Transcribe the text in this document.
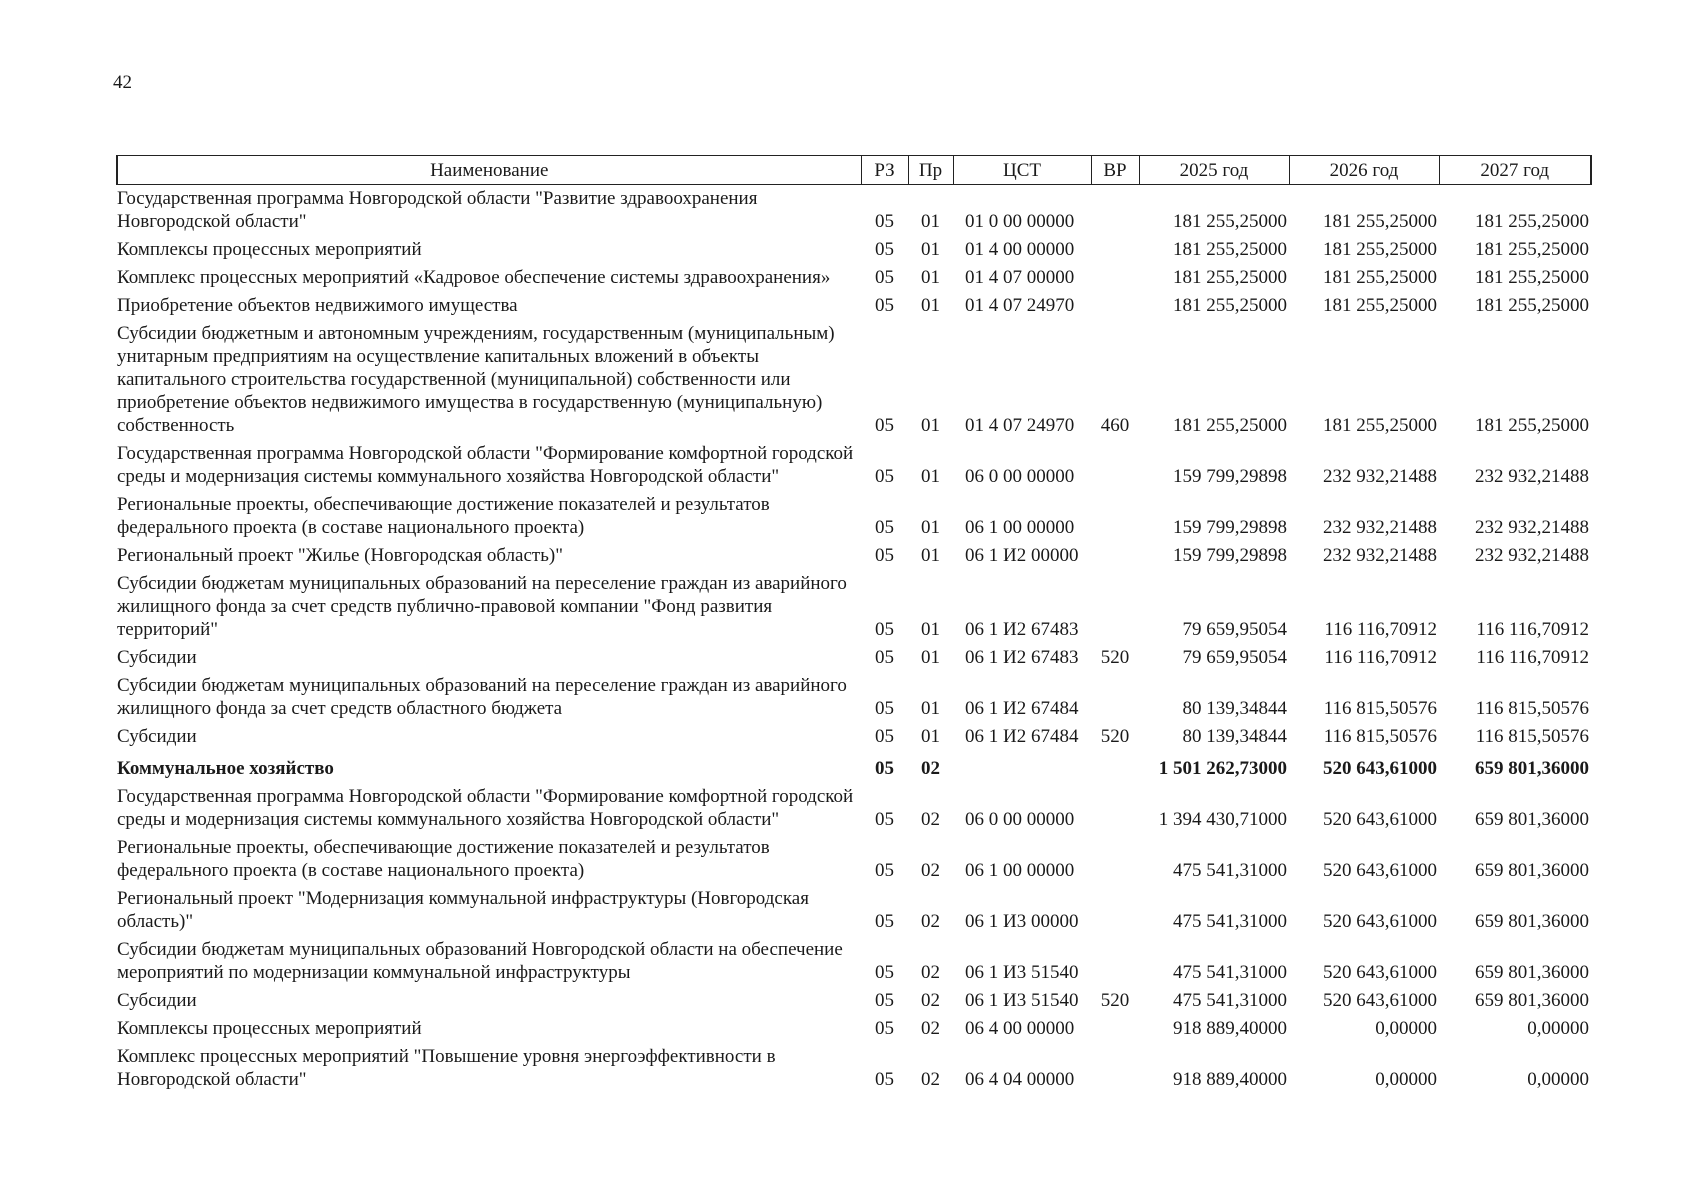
42
Наименование	РЗ	Пр	ЦСТ	ВР	2025 год	2026 год	2027 год
Государственная программа Новгородской области "Развитие здравоохранения Новгородской области"	05	01	01 0 00 00000		181 255,25000	181 255,25000	181 255,25000
Комплексы процессных мероприятий	05	01	01 4 00 00000		181 255,25000	181 255,25000	181 255,25000
Комплекс процессных мероприятий «Кадровое обеспечение системы здравоохранения»	05	01	01 4 07 00000		181 255,25000	181 255,25000	181 255,25000
Приобретение объектов недвижимого имущества	05	01	01 4 07 24970		181 255,25000	181 255,25000	181 255,25000
Субсидии бюджетным и автономным учреждениям, государственным (муниципальным) унитарным предприятиям на осуществление капитальных вложений в объекты капитального строительства государственной (муниципальной) собственности или приобретение объектов недвижимого имущества в государственную (муниципальную) собственность	05	01	01 4 07 24970	460	181 255,25000	181 255,25000	181 255,25000
Государственная программа Новгородской области "Формирование комфортной городской среды и модернизация системы коммунального хозяйства Новгородской области"	05	01	06 0 00 00000		159 799,29898	232 932,21488	232 932,21488
Региональные проекты, обеспечивающие достижение показателей и результатов федерального проекта (в составе национального проекта)	05	01	06 1 00 00000		159 799,29898	232 932,21488	232 932,21488
Региональный проект "Жилье (Новгородская область)"	05	01	06 1 И2 00000		159 799,29898	232 932,21488	232 932,21488
Субсидии бюджетам муниципальных образований на переселение граждан из аварийного жилищного фонда за счет средств публично-правовой компании "Фонд развития территорий"	05	01	06 1 И2 67483		79 659,95054	116 116,70912	116 116,70912
Субсидии	05	01	06 1 И2 67483	520	79 659,95054	116 116,70912	116 116,70912
Субсидии бюджетам муниципальных образований на переселение граждан из аварийного жилищного фонда за счет средств областного бюджета	05	01	06 1 И2 67484		80 139,34844	116 815,50576	116 815,50576
Субсидии	05	01	06 1 И2 67484	520	80 139,34844	116 815,50576	116 815,50576
Коммунальное хозяйство	05	02			1 501 262,73000	520 643,61000	659 801,36000
Государственная программа Новгородской области "Формирование комфортной городской среды и модернизация системы коммунального хозяйства Новгородской области"	05	02	06 0 00 00000		1 394 430,71000	520 643,61000	659 801,36000
Региональные проекты, обеспечивающие достижение показателей и результатов федерального проекта (в составе национального проекта)	05	02	06 1 00 00000		475 541,31000	520 643,61000	659 801,36000
Региональный проект "Модернизация коммунальной инфраструктуры (Новгородская область)"	05	02	06 1 И3 00000		475 541,31000	520 643,61000	659 801,36000
Субсидии бюджетам муниципальных образований Новгородской области на обеспечение мероприятий по модернизации коммунальной инфраструктуры	05	02	06 1 И3 51540		475 541,31000	520 643,61000	659 801,36000
Субсидии	05	02	06 1 И3 51540	520	475 541,31000	520 643,61000	659 801,36000
Комплексы процессных мероприятий	05	02	06 4 00 00000		918 889,40000	0,00000	0,00000
Комплекс процессных мероприятий "Повышение уровня энергоэффективности в Новгородской области"	05	02	06 4 04 00000		918 889,40000	0,00000	0,00000
